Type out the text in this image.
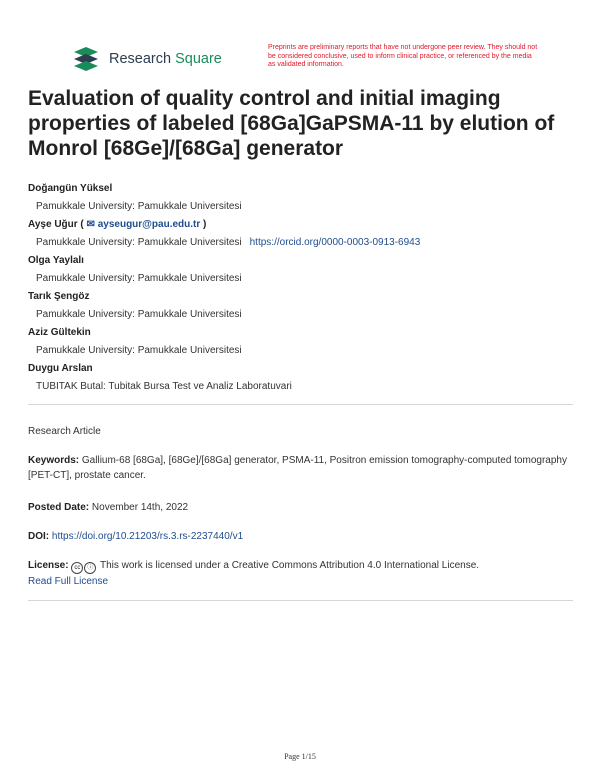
Research Square
Preprints are preliminary reports that have not undergone peer review. They should not be considered conclusive, used to inform clinical practice, or referenced by the media as validated information.
Evaluation of quality control and initial imaging properties of labeled [68Ga]GaPSMA-11 by elution of Monrol [68Ge]/[68Ga] generator
Doğangün Yüksel
Pamukkale University: Pamukkale Universitesi
Ayşe Uğur ( ✉ ayseugur@pau.edu.tr )
Pamukkale University: Pamukkale Universitesi https://orcid.org/0000-0003-0913-6943
Olga Yaylalı
Pamukkale University: Pamukkale Universitesi
Tarık Şengöz
Pamukkale University: Pamukkale Universitesi
Aziz Gültekin
Pamukkale University: Pamukkale Universitesi
Duygu Arslan
TUBITAK Butal: Tubitak Bursa Test ve Analiz Laboratuvari
Research Article
Keywords: Gallium-68 [68Ga], [68Ge]/[68Ga] generator, PSMA-11, Positron emission tomography-computed tomography [PET-CT], prostate cancer.
Posted Date: November 14th, 2022
DOI: https://doi.org/10.21203/rs.3.rs-2237440/v1
License: cc ⓘ This work is licensed under a Creative Commons Attribution 4.0 International License.
Read Full License
Page 1/15
